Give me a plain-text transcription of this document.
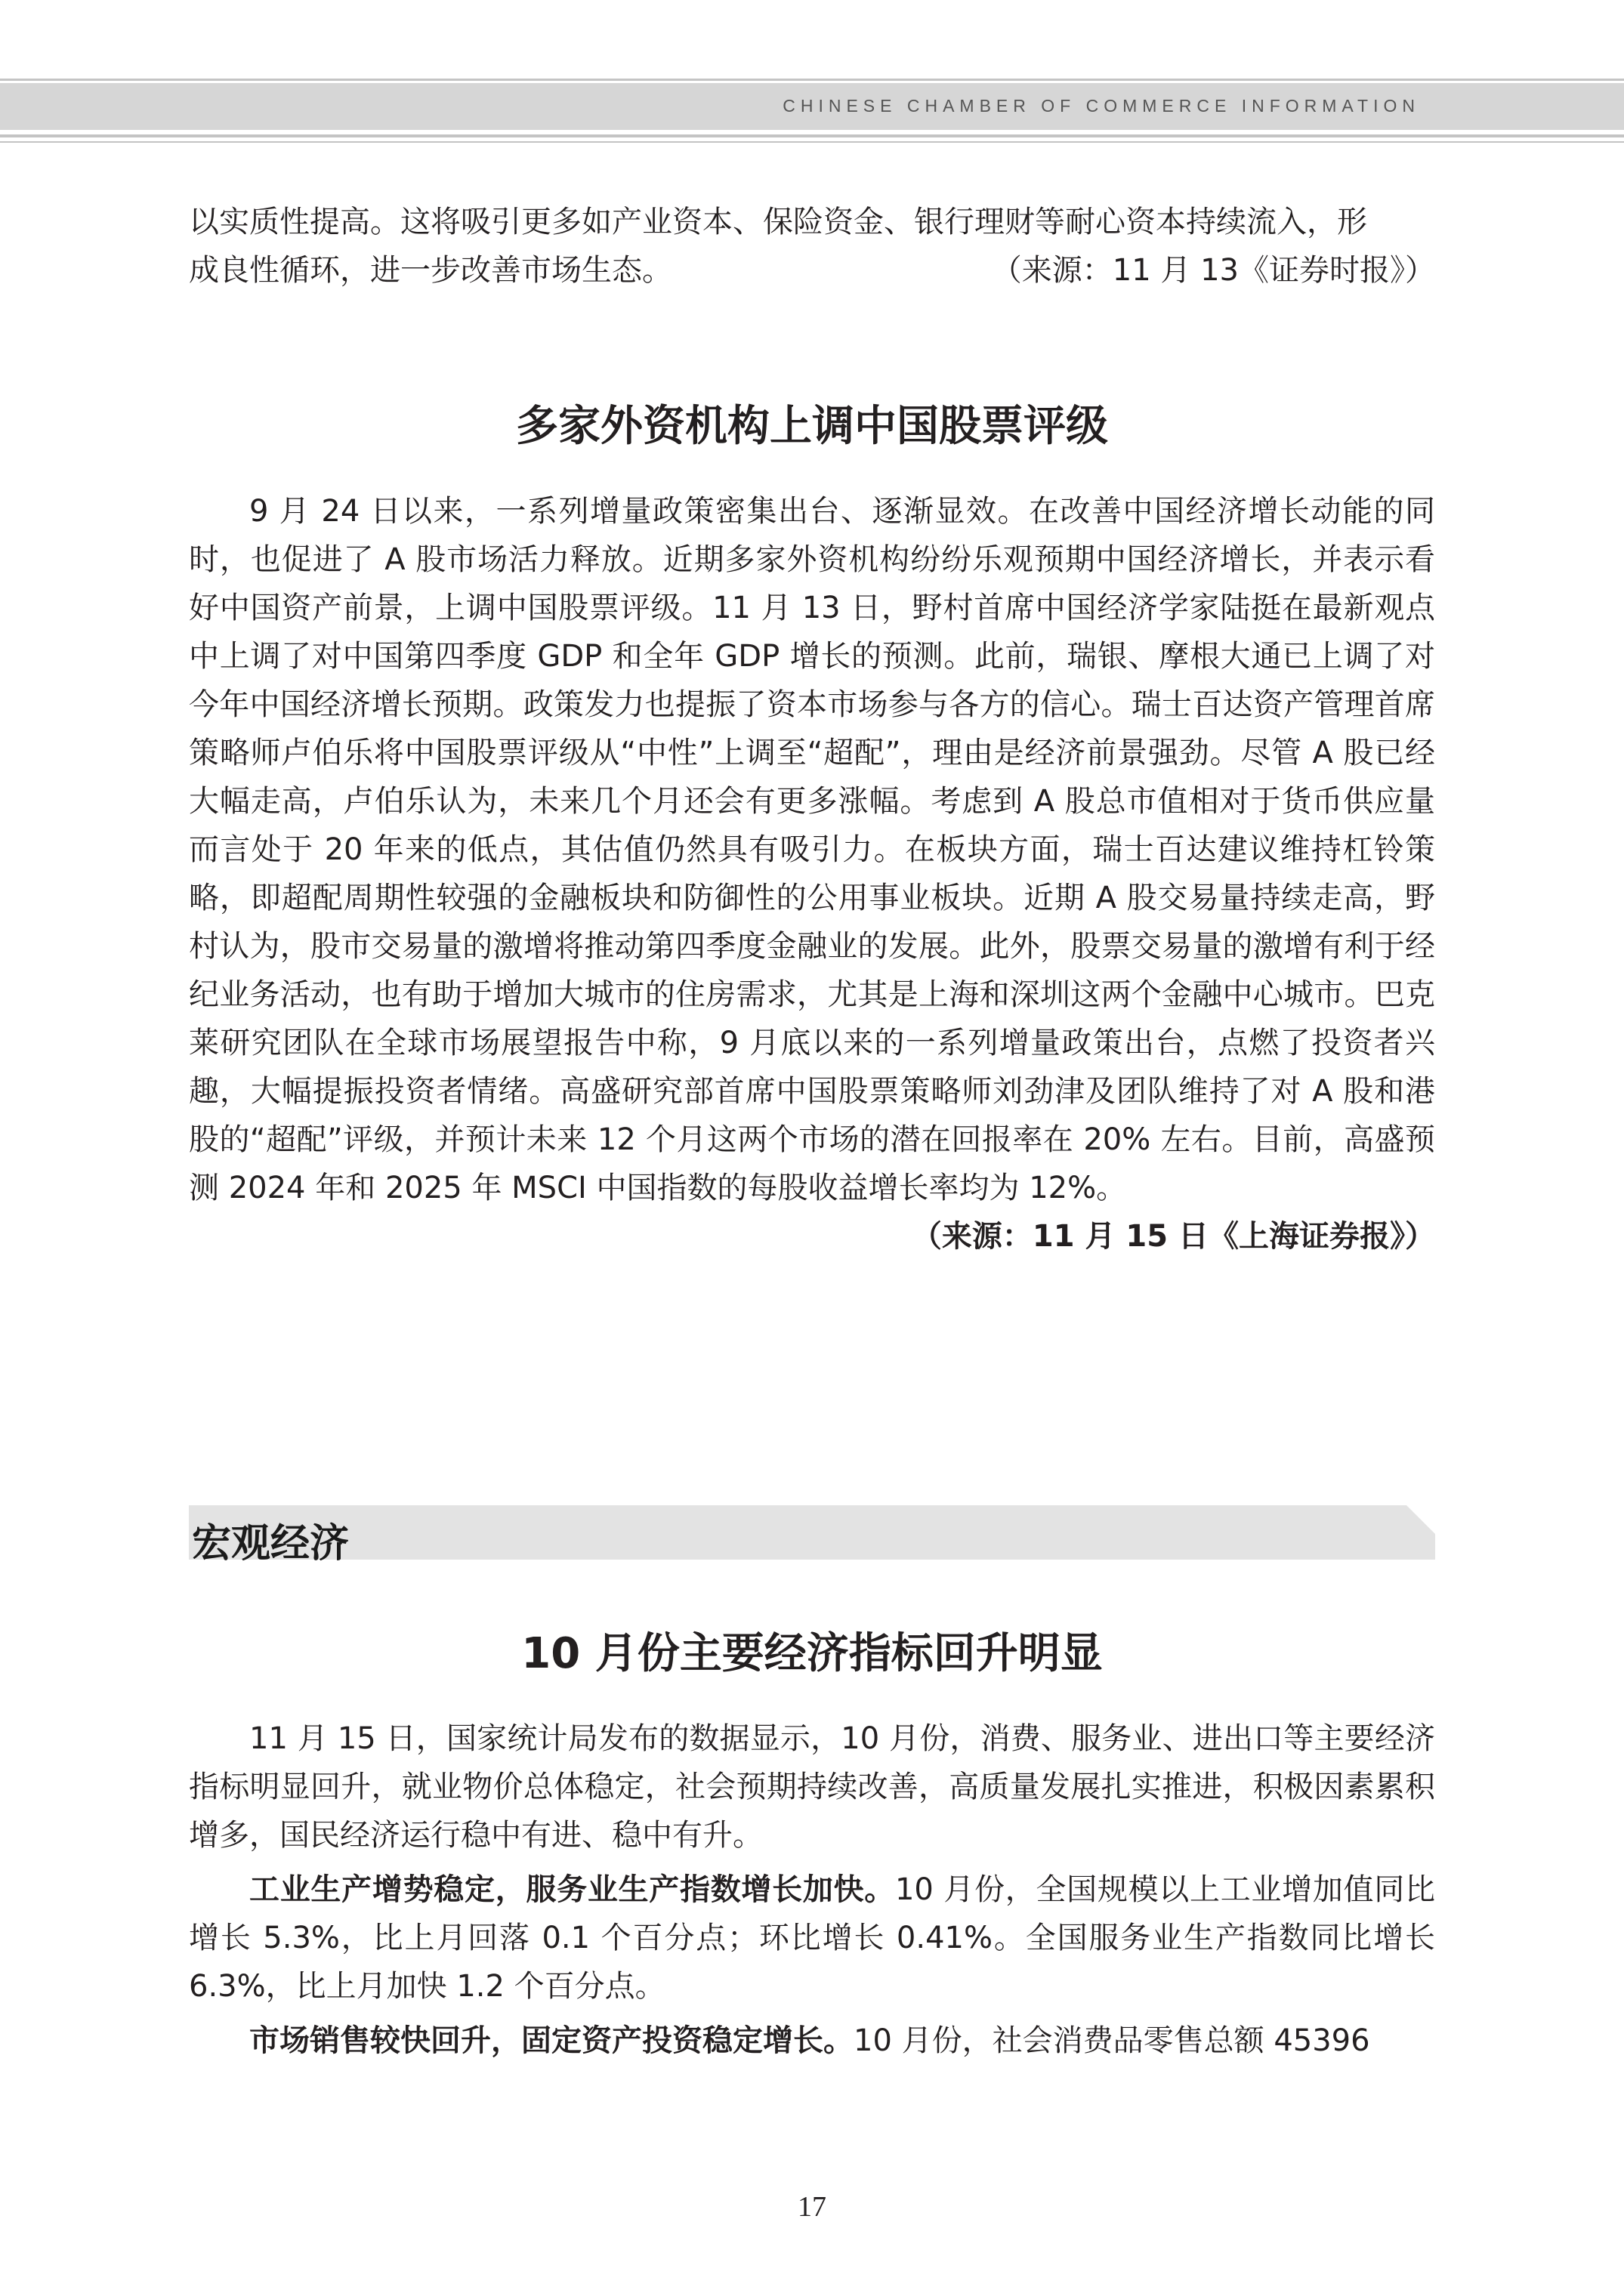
CHINESE CHAMBER OF COMMERCE INFORMATION

以实质性提高。这将吸引更多如产业资本、保险资金、银行理财等耐心资本持续流入，形

成良性循环，进一步改善市场生态。	（来源：11 月 13《证券时报》）

多家外资机构上调中国股票评级

9 月 24 日以来，一系列增量政策密集出台、逐渐显效。在改善中国经济增长动能的同时，也促进了 A 股市场活力释放。近期多家外资机构纷纷乐观预期中国经济增长，并表示看好中国资产前景，上调中国股票评级。11 月 13 日，野村首席中国经济学家陆挺在最新观点中上调了对中国第四季度 GDP 和全年 GDP 增长的预测。此前，瑞银、摩根大通已上调了对今年中国经济增长预期。政策发力也提振了资本市场参与各方的信心。瑞士百达资产管理首席策略师卢伯乐将中国股票评级从“中性”上调至“超配”，理由是经济前景强劲。尽管 A 股已经大幅走高，卢伯乐认为，未来几个月还会有更多涨幅。考虑到 A 股总市值相对于货币供应量而言处于 20 年来的低点，其估值仍然具有吸引力。在板块方面，瑞士百达建议维持杠铃策略，即超配周期性较强的金融板块和防御性的公用事业板块。近期 A 股交易量持续走高，野村认为，股市交易量的激增将推动第四季度金融业的发展。此外，股票交易量的激增有利于经纪业务活动，也有助于增加大城市的住房需求，尤其是上海和深圳这两个金融中心城市。巴克莱研究团队在全球市场展望报告中称，9 月底以来的一系列增量政策出台，点燃了投资者兴趣，大幅提振投资者情绪。高盛研究部首席中国股票策略师刘劲津及团队维持了对 A 股和港股的“超配”评级，并预计未来 12 个月这两个市场的潜在回报率在 20% 左右。目前，高盛预测 2024 年和 2025 年 MSCI 中国指数的每股收益增长率均为 12%。

（来源：11 月 15 日《上海证券报》）

宏观经济
10 月份主要经济指标回升明显

11 月 15 日，国家统计局发布的数据显示，10 月份，消费、服务业、进出口等主要经济指标明显回升，就业物价总体稳定，社会预期持续改善，高质量发展扎实推进，积极因素累积增多，国民经济运行稳中有进、稳中有升。

工业生产增势稳定，服务业生产指数增长加快。10 月份，全国规模以上工业增加值同比增长 5.3%，比上月回落 0.1 个百分点；环比增长 0.41%。全国服务业生产指数同比增长 6.3%，比上月加快 1.2 个百分点。

市场销售较快回升，固定资产投资稳定增长。10 月份，社会消费品零售总额 45396

17
